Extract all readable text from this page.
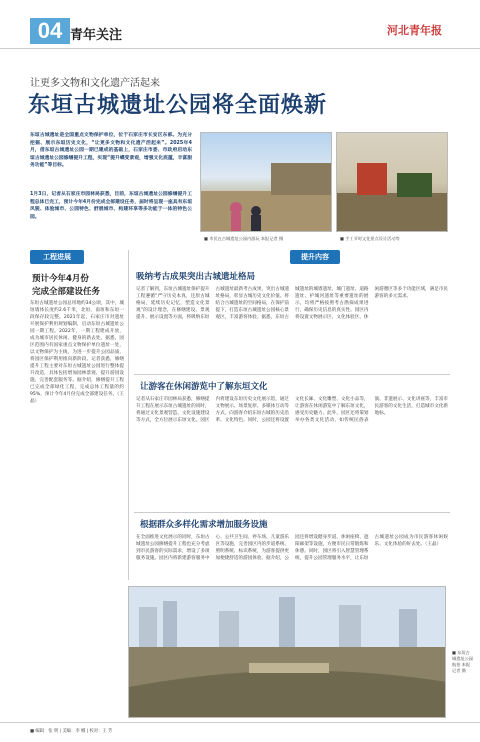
04 青年关注	河北青年报
让更多文物和文化遗产活起来
东垣古城遗址公园将全面焕新
东垣古城遗址是全国重点文物保护单位，位于石家庄市长安区东部。为充分挖掘、展示东垣历史文化，“让更多文物和文化遗产活起来”。2025年4月，借东垣古城遗址公园一期已建成的基础上，石家庄市委、市政府启动东垣古城遗址公园修缮提升工程，实现“提升蝶变景观，增强文化底蕴，丰富服务功能”等目标。
1月3日，记者从石家庄市园林局获悉，目前，东垣古城遗址公园修缮提升工程总体已完工，预计今年4月份完成全部建设任务，届时将呈现一座具有东垣风貌、体验城市、公园特色、舒展城市、构建环享等多功能于一体的特色公园。
■ 市民在古城遗址公园内游玩 本报记者 摄	■ 手工节时文化景点设计活动等
工程进展
预计今年4月份
完成全部建设任务
东垣古城遗址公园总用地约34公顷，其中，城垣墙体长度约2.6千米，北垣、南垣和东垣一段保存较完整。2021年起，石家庄市对遗址开展保护利用规划编制，启动东垣古城遗址公园一期工程。2022年，一期工程建成开放，成为城市居民休闲、健身的新去处。据悉，园区范围内有国家重点文物保护单位遗址一处，以文物保护为主线，为进一步提升公园品质，将园区保护利用推向新阶段。记者获悉，修缮提升工程主要对东垣古城遗址公园进行整体提升改造，具体包括增加园林景观、提升游园设施、完善配套服务等。据介绍，修缮提升工程已完成全部绿化工程，完成总体工程量的约95%，预计今年4月份完成全部建设任务。（王晶）
提升内容
吸纳考古成果突出古城遗址格局
记者了解到，东垣古城遗址保护提升工程遵循“严守历史本真，还原古城格局，延续历史记忆，塑造文化景观”的设计理念，在修缮建设、景观提升、展示设置等方面，将吸纳东垣古城遗址最新考古成果，突出古城遗址格局，彰显古城历史文化价值。将结合古城遗址的空间格局，在保护前提下，打造东垣古城遗址公园核心景观区，丰富游客体验。据悉，东垣古城遗址的城墙遗址、城门遗址、道路遗址、护城河遗址等重要遗址的展示，均将严格按照考古勘探成果进行，确保历史信息的真实性。园区内将设置文物展示区、文化体验区、休闲游憩区等多个功能区域，满足市民游客的多元需求。
让游客在休闲游览中了解东垣文化
记者从石家庄市园林局获悉，修缮提升工程在展示东垣古城遗址的同时，将通过文化景观营造、文化设施建设等方式，全方位展示东垣文化。园区内将建设东垣历史文化展示馆，通过文物展示、场景复原、多媒体互动等方式，向游客介绍东垣古城的历史沿革、文化特色。同时，公园还将设置文化长廊、文化雕塑、文化小品等，让游客在休闲游览中了解东垣文化，感受历史魅力。此外，园区还将策划举办各类文化活动，如传统民俗表演、非遗展示、文化讲座等，丰富市民游客的文化生活，打造城市文化新地标。
根据群众多样化需求增加服务设施
在全面推进文化展示的同时，东垣古城遗址公园修缮提升工程也充分考虑到市民游客的实际需求，增设了多项服务设施。园区内将新建游客服务中心、公共卫生间、停车场、儿童游乐区等设施，完善园区内的步道系统、照明系统、标识系统，为游客提供更加便捷舒适的游园体验。据介绍，公园还将增设健身步道、休闲座椅、遮阳廊架等设施，方便市民日常锻炼和休憩。同时，园区将引入智慧管理系统，提升公园管理服务水平，让东垣古城遗址公园成为市民游客休闲娱乐、文化体验的好去处。（王晶）
■ 东垣古城遗址公园航拍 本报记者 摄
■ 编辑：张 明 | 美编：李 娜 | 校对：王 芳
